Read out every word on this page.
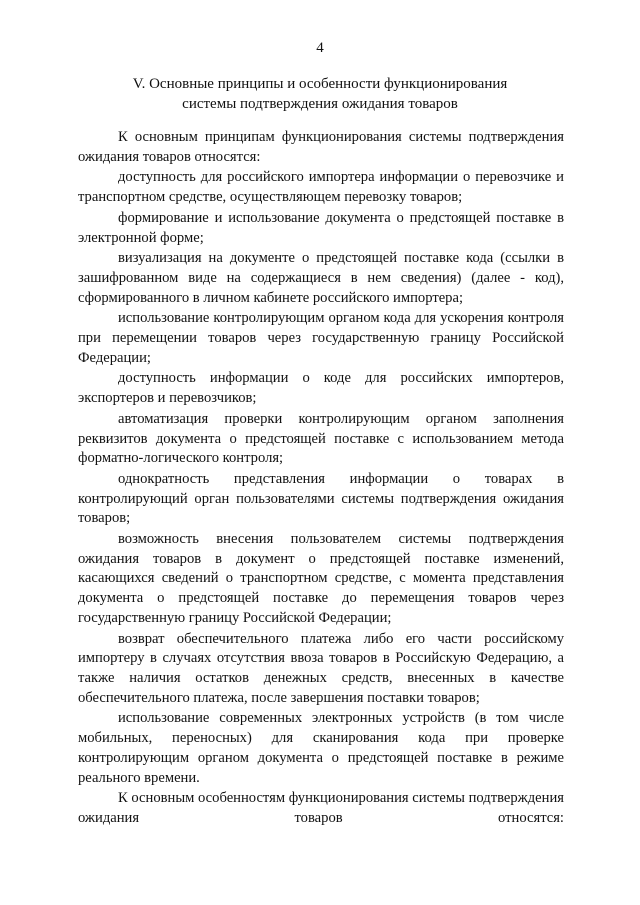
4
V. Основные принципы и особенности функционирования
системы подтверждения ожидания товаров

К основным принципам функционирования системы подтверждения ожидания товаров относятся:

доступность для российского импортера информации о перевозчике и транспортном средстве, осуществляющем перевозку товаров;

формирование и использование документа о предстоящей поставке в электронной форме;

визуализация на документе о предстоящей поставке кода (ссылки в зашифрованном виде на содержащиеся в нем сведения) (далее - код), сформированного в личном кабинете российского импортера;

использование контролирующим органом кода для ускорения контроля при перемещении товаров через государственную границу Российской Федерации;

доступность информации о коде для российских импортеров, экспортеров и перевозчиков;

автоматизация проверки контролирующим органом заполнения реквизитов документа о предстоящей поставке с использованием метода форматно-логического контроля;

однократность представления информации о товарах в контролирующий орган пользователями системы подтверждения ожидания товаров;

возможность внесения пользователем системы подтверждения ожидания товаров в документ о предстоящей поставке изменений, касающихся сведений о транспортном средстве, с момента представления документа о предстоящей поставке до перемещения товаров через государственную границу Российской Федерации;

возврат обеспечительного платежа либо его части российскому импортеру в случаях отсутствия ввоза товаров в Российскую Федерацию, а также наличия остатков денежных средств, внесенных в качестве обеспечительного платежа, после завершения поставки товаров;

использование современных электронных устройств (в том числе мобильных, переносных) для сканирования кода при проверке контролирующим органом документа о предстоящей поставке в режиме реального времени.

К основным особенностям функционирования системы подтверждения ожидания товаров относятся:
